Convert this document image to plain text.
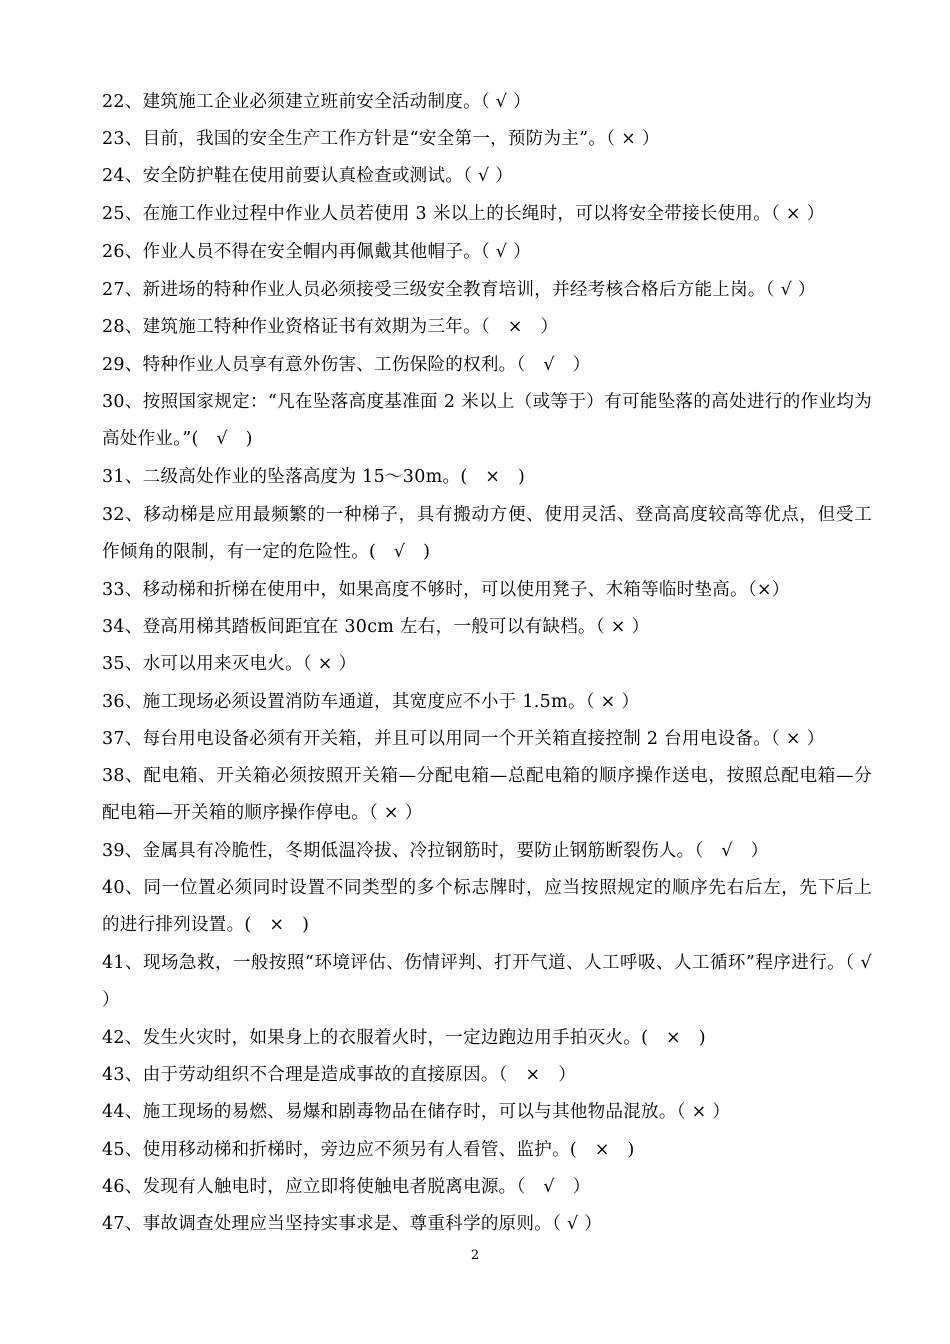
22、建筑施工企业必须建立班前安全活动制度。（ √ ）
23、目前，我国的安全生产工作方针是“安全第一，预防为主”。（ × ）
24、安全防护鞋在使用前要认真检查或测试。（ √ ）
25、在施工作业过程中作业人员若使用 3 米以上的长绳时，可以将安全带接长使用。（ × ）
26、作业人员不得在安全帽内再佩戴其他帽子。（ √ ）
27、新进场的特种作业人员必须接受三级安全教育培训，并经考核合格后方能上岗。（ √ ）
28、建筑施工特种作业资格证书有效期为三年。（　×　）
29、特种作业人员享有意外伤害、工伤保险的权利。（　√　）
30、按照国家规定：“凡在坠落高度基准面 2 米以上（或等于）有可能坠落的高处进行的作业均为高处作业。”(　√　)
31、二级高处作业的坠落高度为 15～30m。(　×　)
32、移动梯是应用最频繁的一种梯子，具有搬动方便、使用灵活、登高高度较高等优点，但受工作倾角的限制，有一定的危险性。(　√　)
33、移动梯和折梯在使用中，如果高度不够时，可以使用凳子、木箱等临时垫高。（×）
34、登高用梯其踏板间距宜在 30cm 左右，一般可以有缺档。（ × ）
35、水可以用来灭电火。（ × ）
36、施工现场必须设置消防车通道，其宽度应不小于 1.5m。（ × ）
37、每台用电设备必须有开关箱，并且可以用同一个开关箱直接控制 2 台用电设备。（ × ）
38、配电箱、开关箱必须按照开关箱—分配电箱—总配电箱的顺序操作送电，按照总配电箱—分配电箱—开关箱的顺序操作停电。（ × ）
39、金属具有冷脆性，冬期低温冷拔、冷拉钢筋时，要防止钢筋断裂伤人。（　√　）
40、同一位置必须同时设置不同类型的多个标志牌时，应当按照规定的顺序先右后左，先下后上的进行排列设置。(　×　)
41、现场急救，一般按照“环境评估、伤情评判、打开气道、人工呼吸、人工循环”程序进行。（ √ ）
42、发生火灾时，如果身上的衣服着火时，一定边跑边用手拍灭火。(　×　)
43、由于劳动组织不合理是造成事故的直接原因。（　×　）
44、施工现场的易燃、易爆和剧毒物品在储存时，可以与其他物品混放。（ × ）
45、使用移动梯和折梯时，旁边应不须另有人看管、监护。(　×　)
46、发现有人触电时，应立即将使触电者脱离电源。（　√　）
47、事故调查处理应当坚持实事求是、尊重科学的原则。（ √ ）
2
